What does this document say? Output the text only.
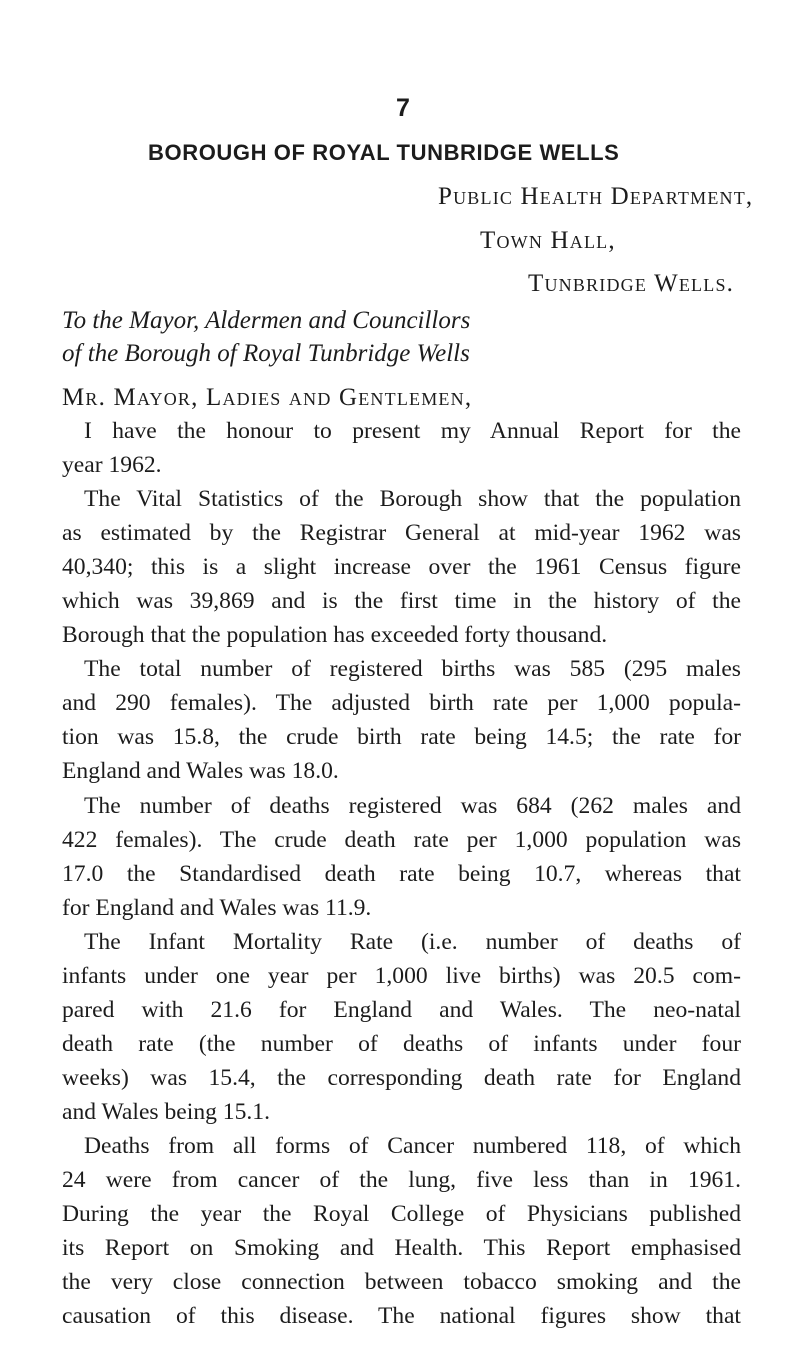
7
BOROUGH OF ROYAL TUNBRIDGE WELLS
Public Health Department,
Town Hall,
Tunbridge Wells.
To the Mayor, Aldermen and Councillors
of the Borough of Royal Tunbridge Wells
Mr. Mayor, Ladies and Gentlemen,
I have the honour to present my Annual Report for the
year 1962.
The Vital Statistics of the Borough show that the population
as estimated by the Registrar General at mid-year 1962 was
40,340; this is a slight increase over the 1961 Census figure
which was 39,869 and is the first time in the history of the
Borough that the population has exceeded forty thousand.
The total number of registered births was 585 (295 males
and 290 females). The adjusted birth rate per 1,000 popula-
tion was 15.8, the crude birth rate being 14.5; the rate for
England and Wales was 18.0.
The number of deaths registered was 684 (262 males and
422 females). The crude death rate per 1,000 population was
17.0 the Standardised death rate being 10.7, whereas that
for England and Wales was 11.9.
The Infant Mortality Rate (i.e. number of deaths of
infants under one year per 1,000 live births) was 20.5 com-
pared with 21.6 for England and Wales. The neo-natal
death rate (the number of deaths of infants under four
weeks) was 15.4, the corresponding death rate for England
and Wales being 15.1.
Deaths from all forms of Cancer numbered 118, of which
24 were from cancer of the lung, five less than in 1961.
During the year the Royal College of Physicians published
its Report on Smoking and Health. This Report emphasised
the very close connection between tobacco smoking and the
causation of this disease. The national figures show that
